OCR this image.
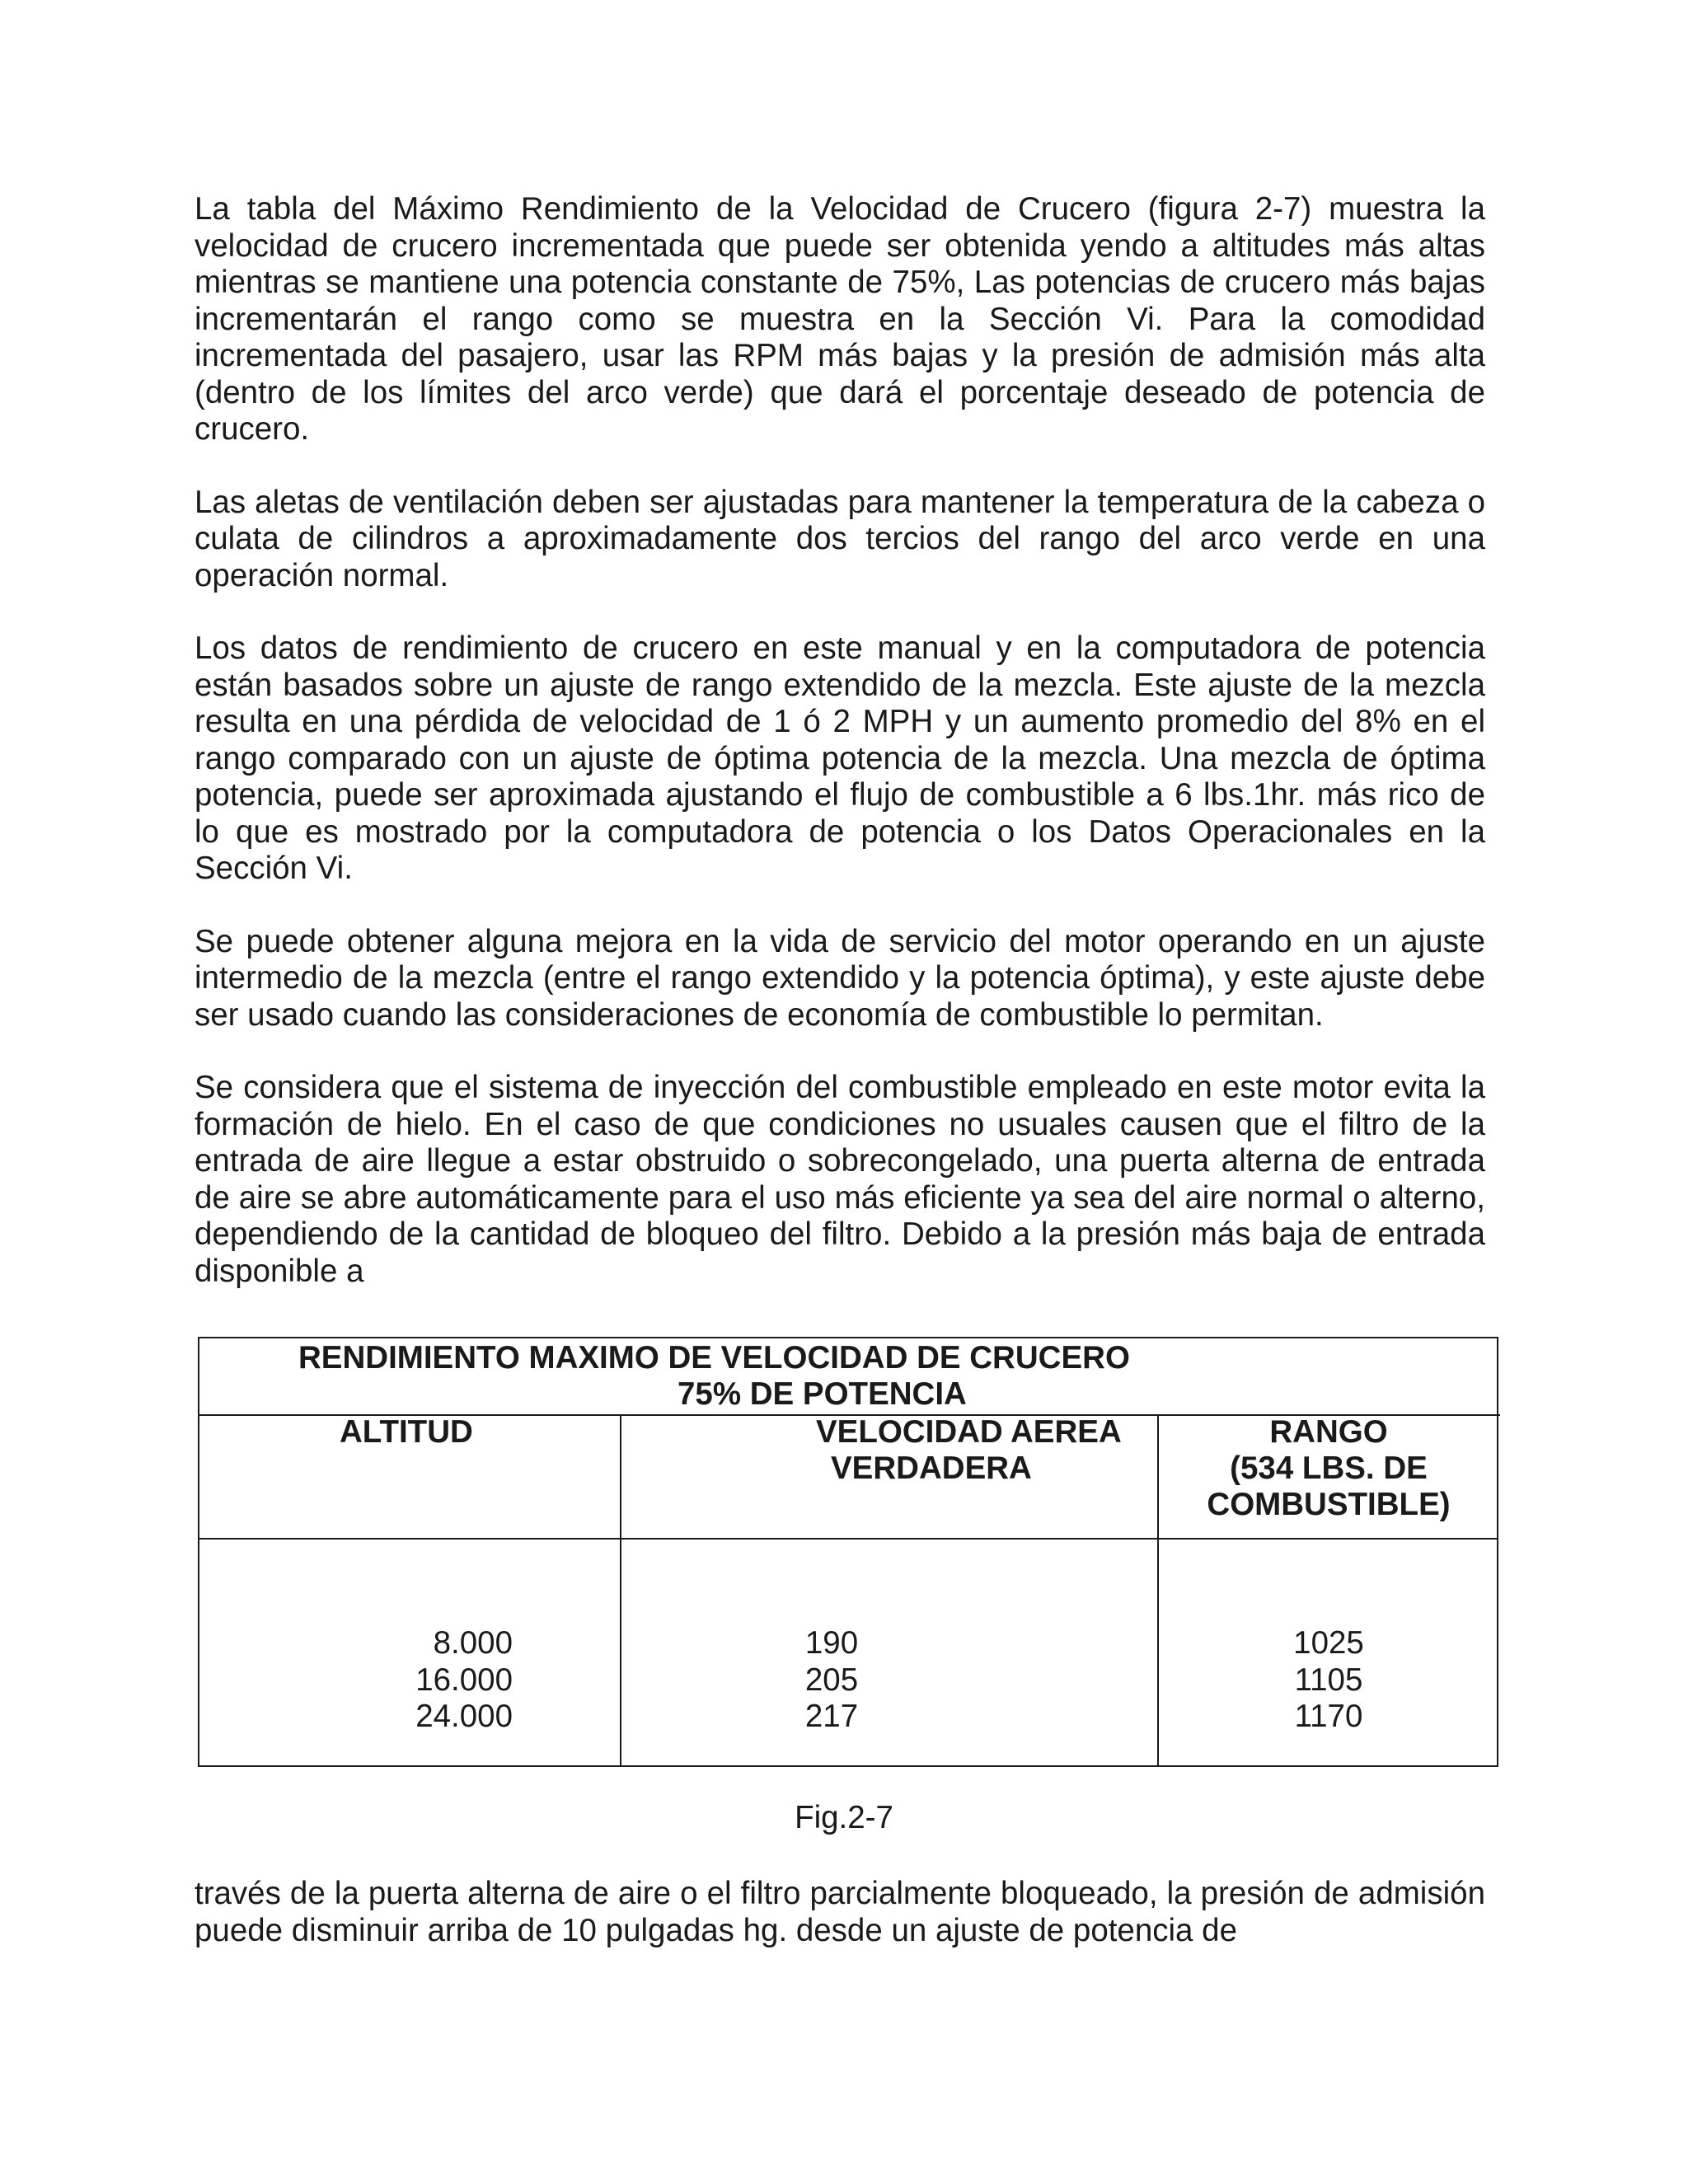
La tabla del Máximo Rendimiento de la Velocidad de Crucero (figura 2-7) muestra la velocidad de crucero incrementada que puede ser obtenida yendo a altitudes más altas mientras se mantiene una potencia constante de 75%, Las potencias de crucero más bajas incrementarán el rango como se muestra en la Sección Vi. Para la comodidad incrementada del pasajero, usar las RPM más bajas y la presión de admisión más alta (dentro de los límites del arco verde) que dará el porcentaje deseado de potencia de crucero.

Las aletas de ventilación deben ser ajustadas para mantener la temperatura de la cabeza o culata de cilindros a aproximadamente dos tercios del rango del arco verde en una operación normal.

Los datos de rendimiento de crucero en este manual y en la computadora de potencia están basados sobre un ajuste de rango extendido de la mezcla. Este ajuste de la mezcla resulta en una pérdida de velocidad de 1 ó 2 MPH y un aumento promedio del 8% en el rango comparado con un ajuste de óptima potencia de la mezcla. Una mezcla de óptima potencia, puede ser aproximada ajustando el flujo de combustible a 6 lbs.1hr. más rico de lo que es mostrado por la computadora de potencia o los Datos Operacionales en la Sección Vi.

Se puede obtener alguna mejora en la vida de servicio del motor operando en un ajuste intermedio de la mezcla (entre el rango extendido y la potencia óptima), y este ajuste debe ser usado cuando las consideraciones de economía de combustible lo permitan.

Se considera que el sistema de inyección del combustible empleado en este motor evita la formación de hielo. En el caso de que condiciones no usuales causen que el filtro de la entrada de aire llegue a estar obstruido o sobrecongelado, una puerta alterna de entrada de aire se abre automáticamente para el uso más eficiente ya sea del aire normal o alterno, dependiendo de la cantidad de bloqueo del filtro. Debido a la presión más baja de entrada disponible a

RENDIMIENTO MAXIMO DE VELOCIDAD DE CRUCERO
75% DE POTENCIA
ALTITUD
8.000
16.000
24.000
VELOCIDAD AEREA
VERDADERA
190
205
217
RANGO
(534 LBS. DE
COMBUSTIBLE)
1025
1105
1170
Fig.2-7

través de la puerta alterna de aire o el filtro parcialmente bloqueado, la presión de admisión puede disminuir arriba de 10 pulgadas hg. desde un ajuste de potencia de
